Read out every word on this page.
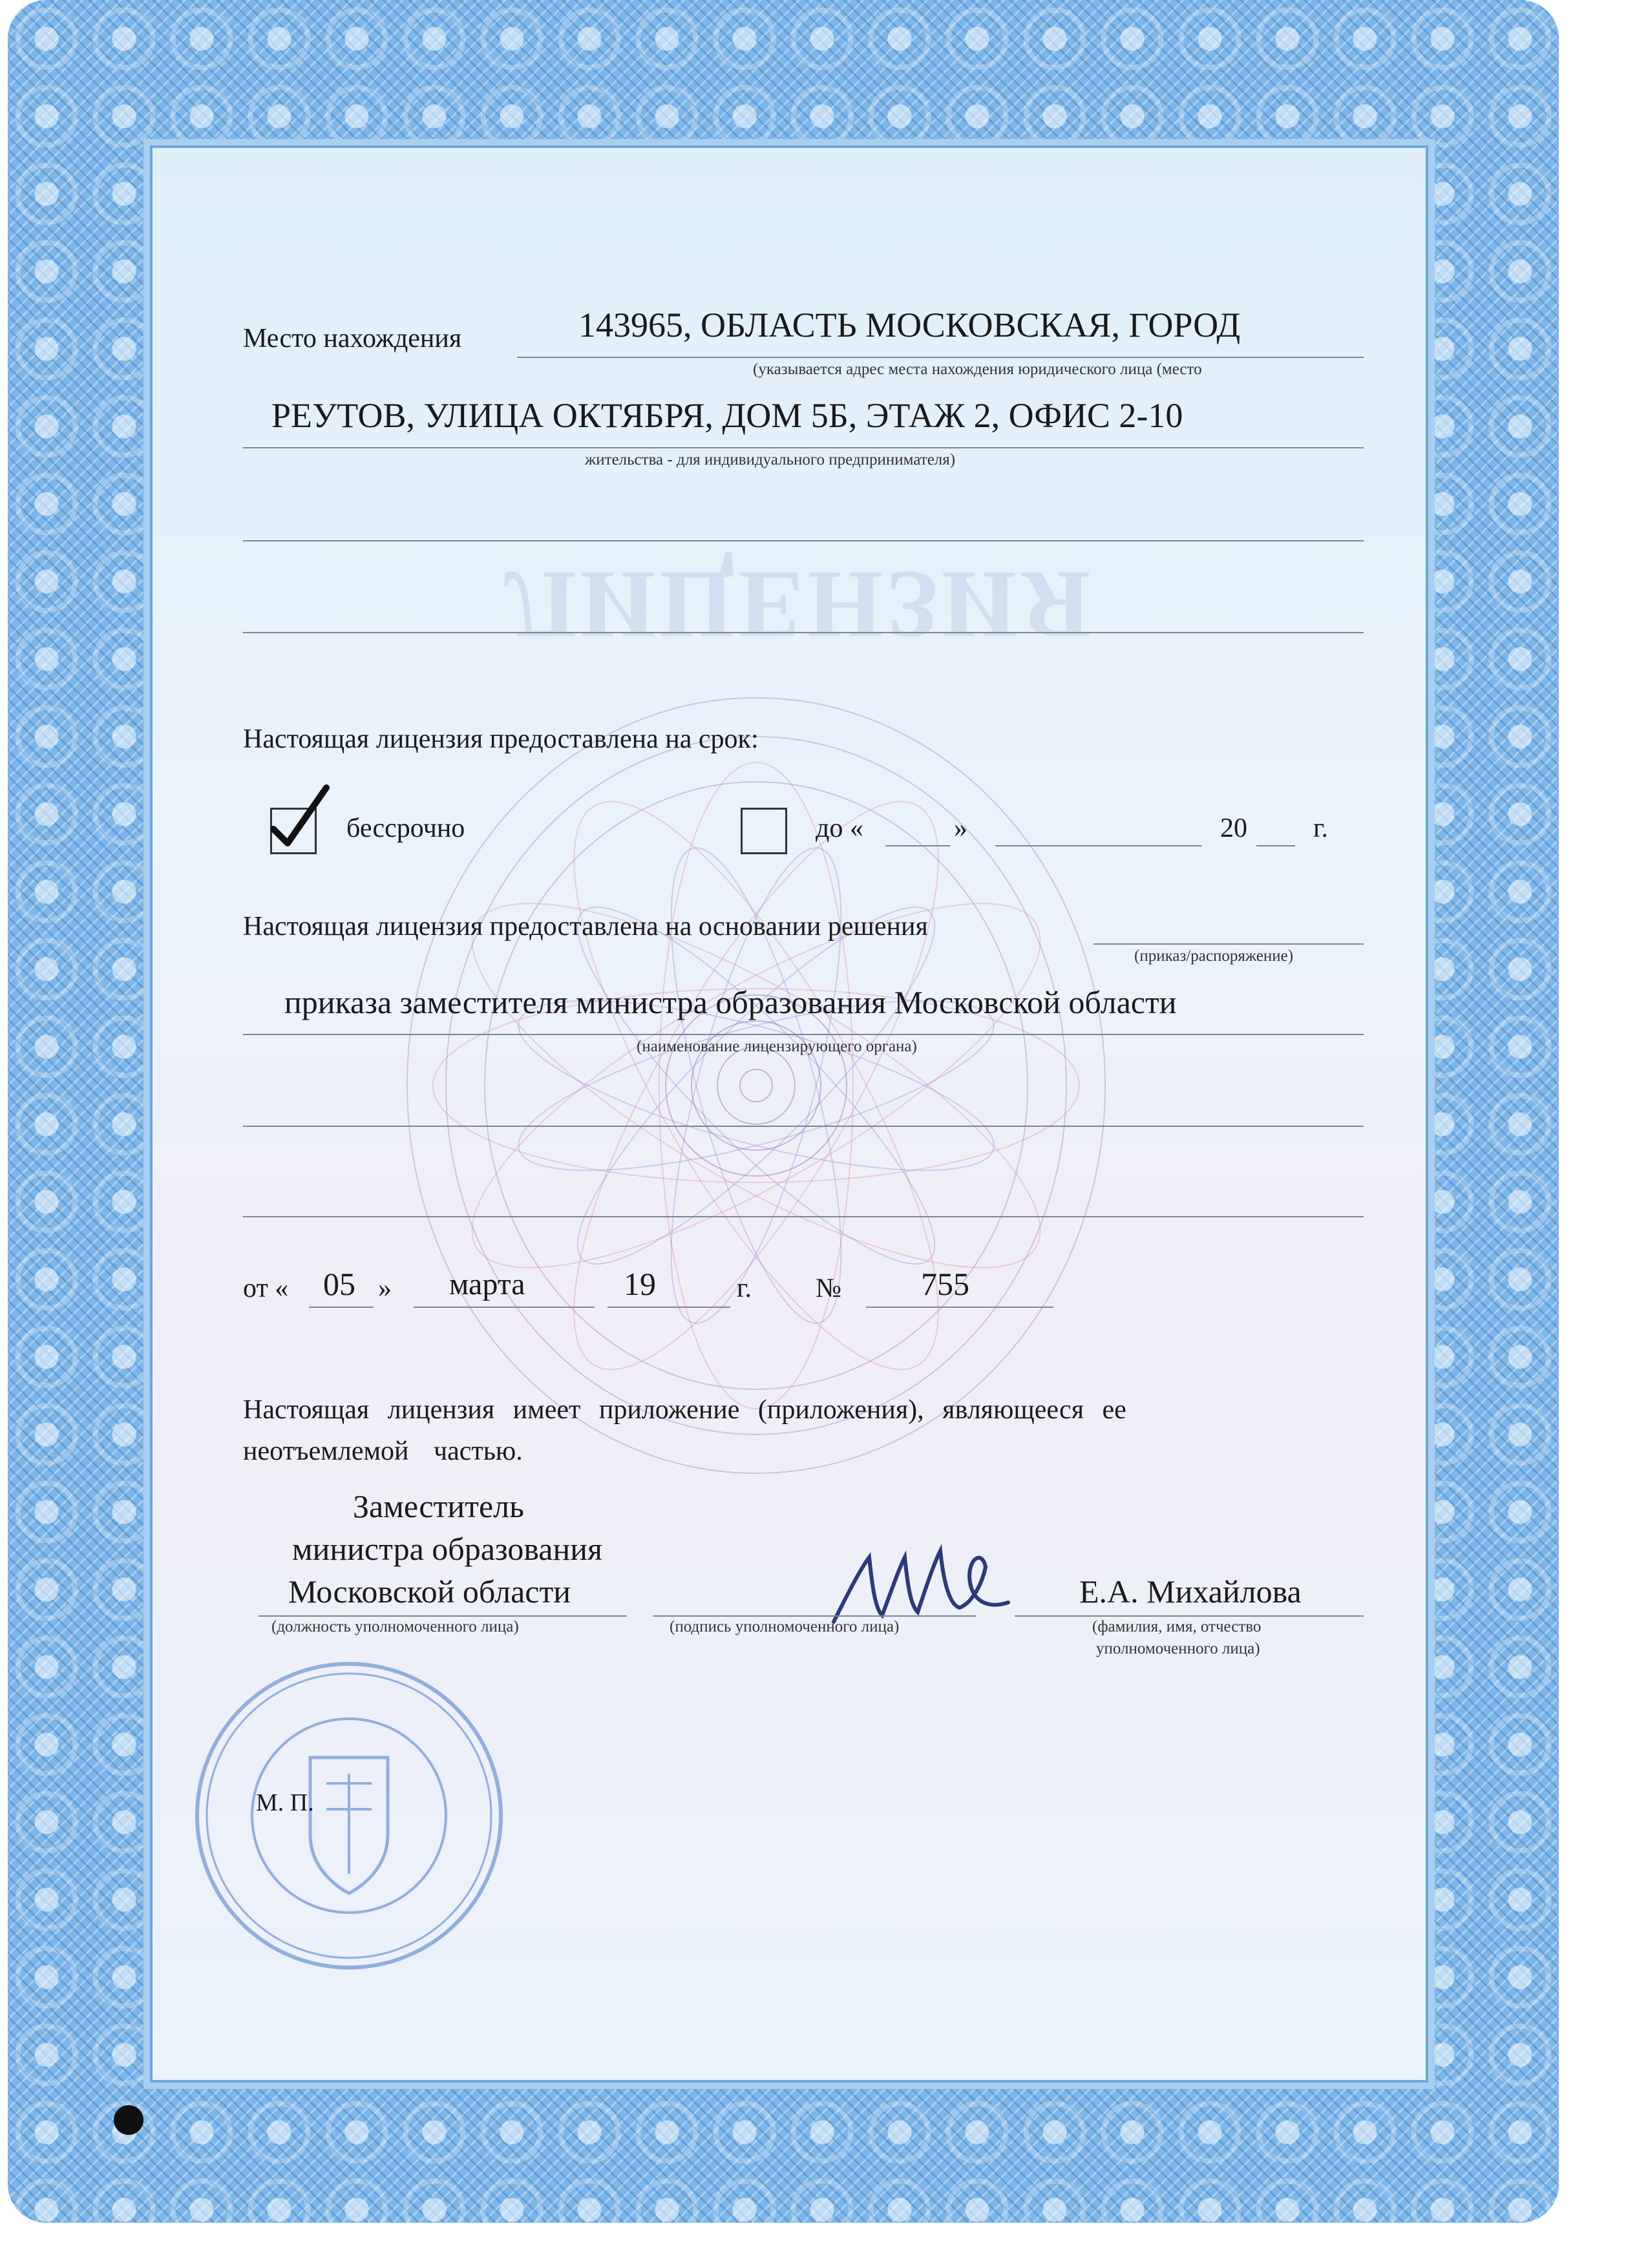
ЛИЦЕНЗИЯ
Место нахождения	143965, ОБЛАСТЬ МОСКОВСКАЯ, ГОРОД
(указывается адрес места нахождения юридического лица (место
РЕУТОВ, УЛИЦА ОКТЯБРЯ, ДОМ 5Б, ЭТАЖ 2, ОФИС 2-10
жительства - для индивидуального предпринимателя)
Настоящая лицензия предоставлена на срок:
бессрочно	до «	»	20 г.
Настоящая лицензия предоставлена на основании решения
(приказ/распоряжение)
приказа заместителя министра образования Московской области
(наименование лицензирующего органа)
от « 05 » марта	19	г. № 755
Настоящая лицензия имеет приложение (приложения), являющееся ее
неотъемлемой частью.
Заместитель
министра образования
Московской области
(должность уполномоченного лица)	(подпись уполномоченного лица)
Е.А. Михайлова
(фамилия, имя, отчество
уполномоченного лица)
М. П.
